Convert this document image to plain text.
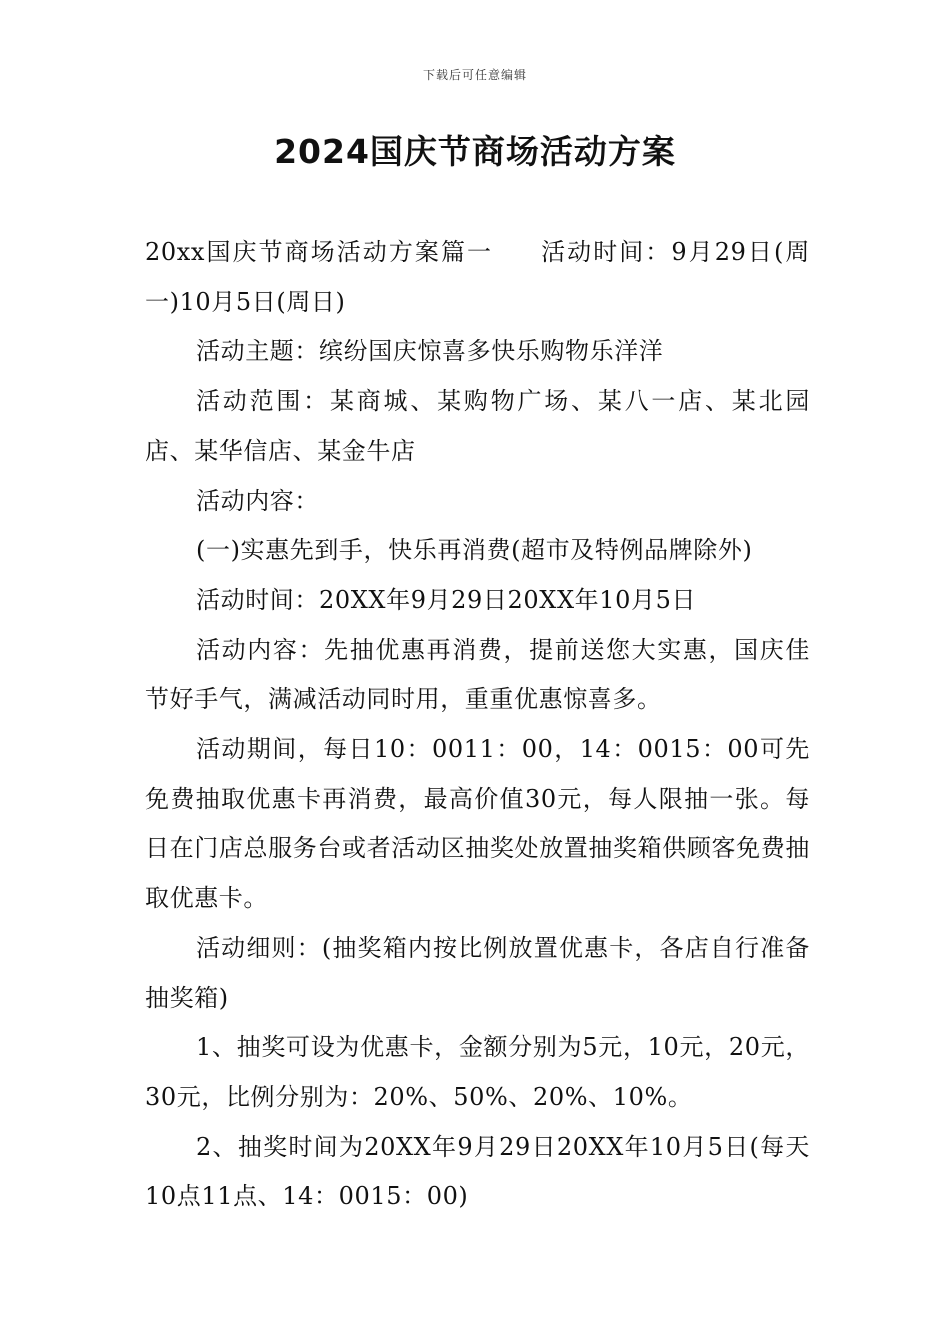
下载后可任意编辑
2024国庆节商场活动方案

20xx国庆节商场活动方案篇一 活动时间：9月29日(周一)10月5日(周日)

活动主题：缤纷国庆惊喜多快乐购物乐洋洋

活动范围：某商城、某购物广场、某八一店、某北园店、某华信店、某金牛店

活动内容：

(一)实惠先到手，快乐再消费(超市及特例品牌除外)

活动时间：20XX年9月29日20XX年10月5日

活动内容：先抽优惠再消费，提前送您大实惠，国庆佳节好手气，满减活动同时用，重重优惠惊喜多。

活动期间，每日10：0011：00，14：0015：00可先免费抽取优惠卡再消费，最高价值30元，每人限抽一张。每日在门店总服务台或者活动区抽奖处放置抽奖箱供顾客免费抽取优惠卡。

活动细则：(抽奖箱内按比例放置优惠卡，各店自行准备抽奖箱)

1、抽奖可设为优惠卡，金额分别为5元，10元，20元，30元，比例分别为：20%、50%、20%、10%。

2、抽奖时间为20XX年9月29日20XX年10月5日(每天10点11点、14：0015：00)
